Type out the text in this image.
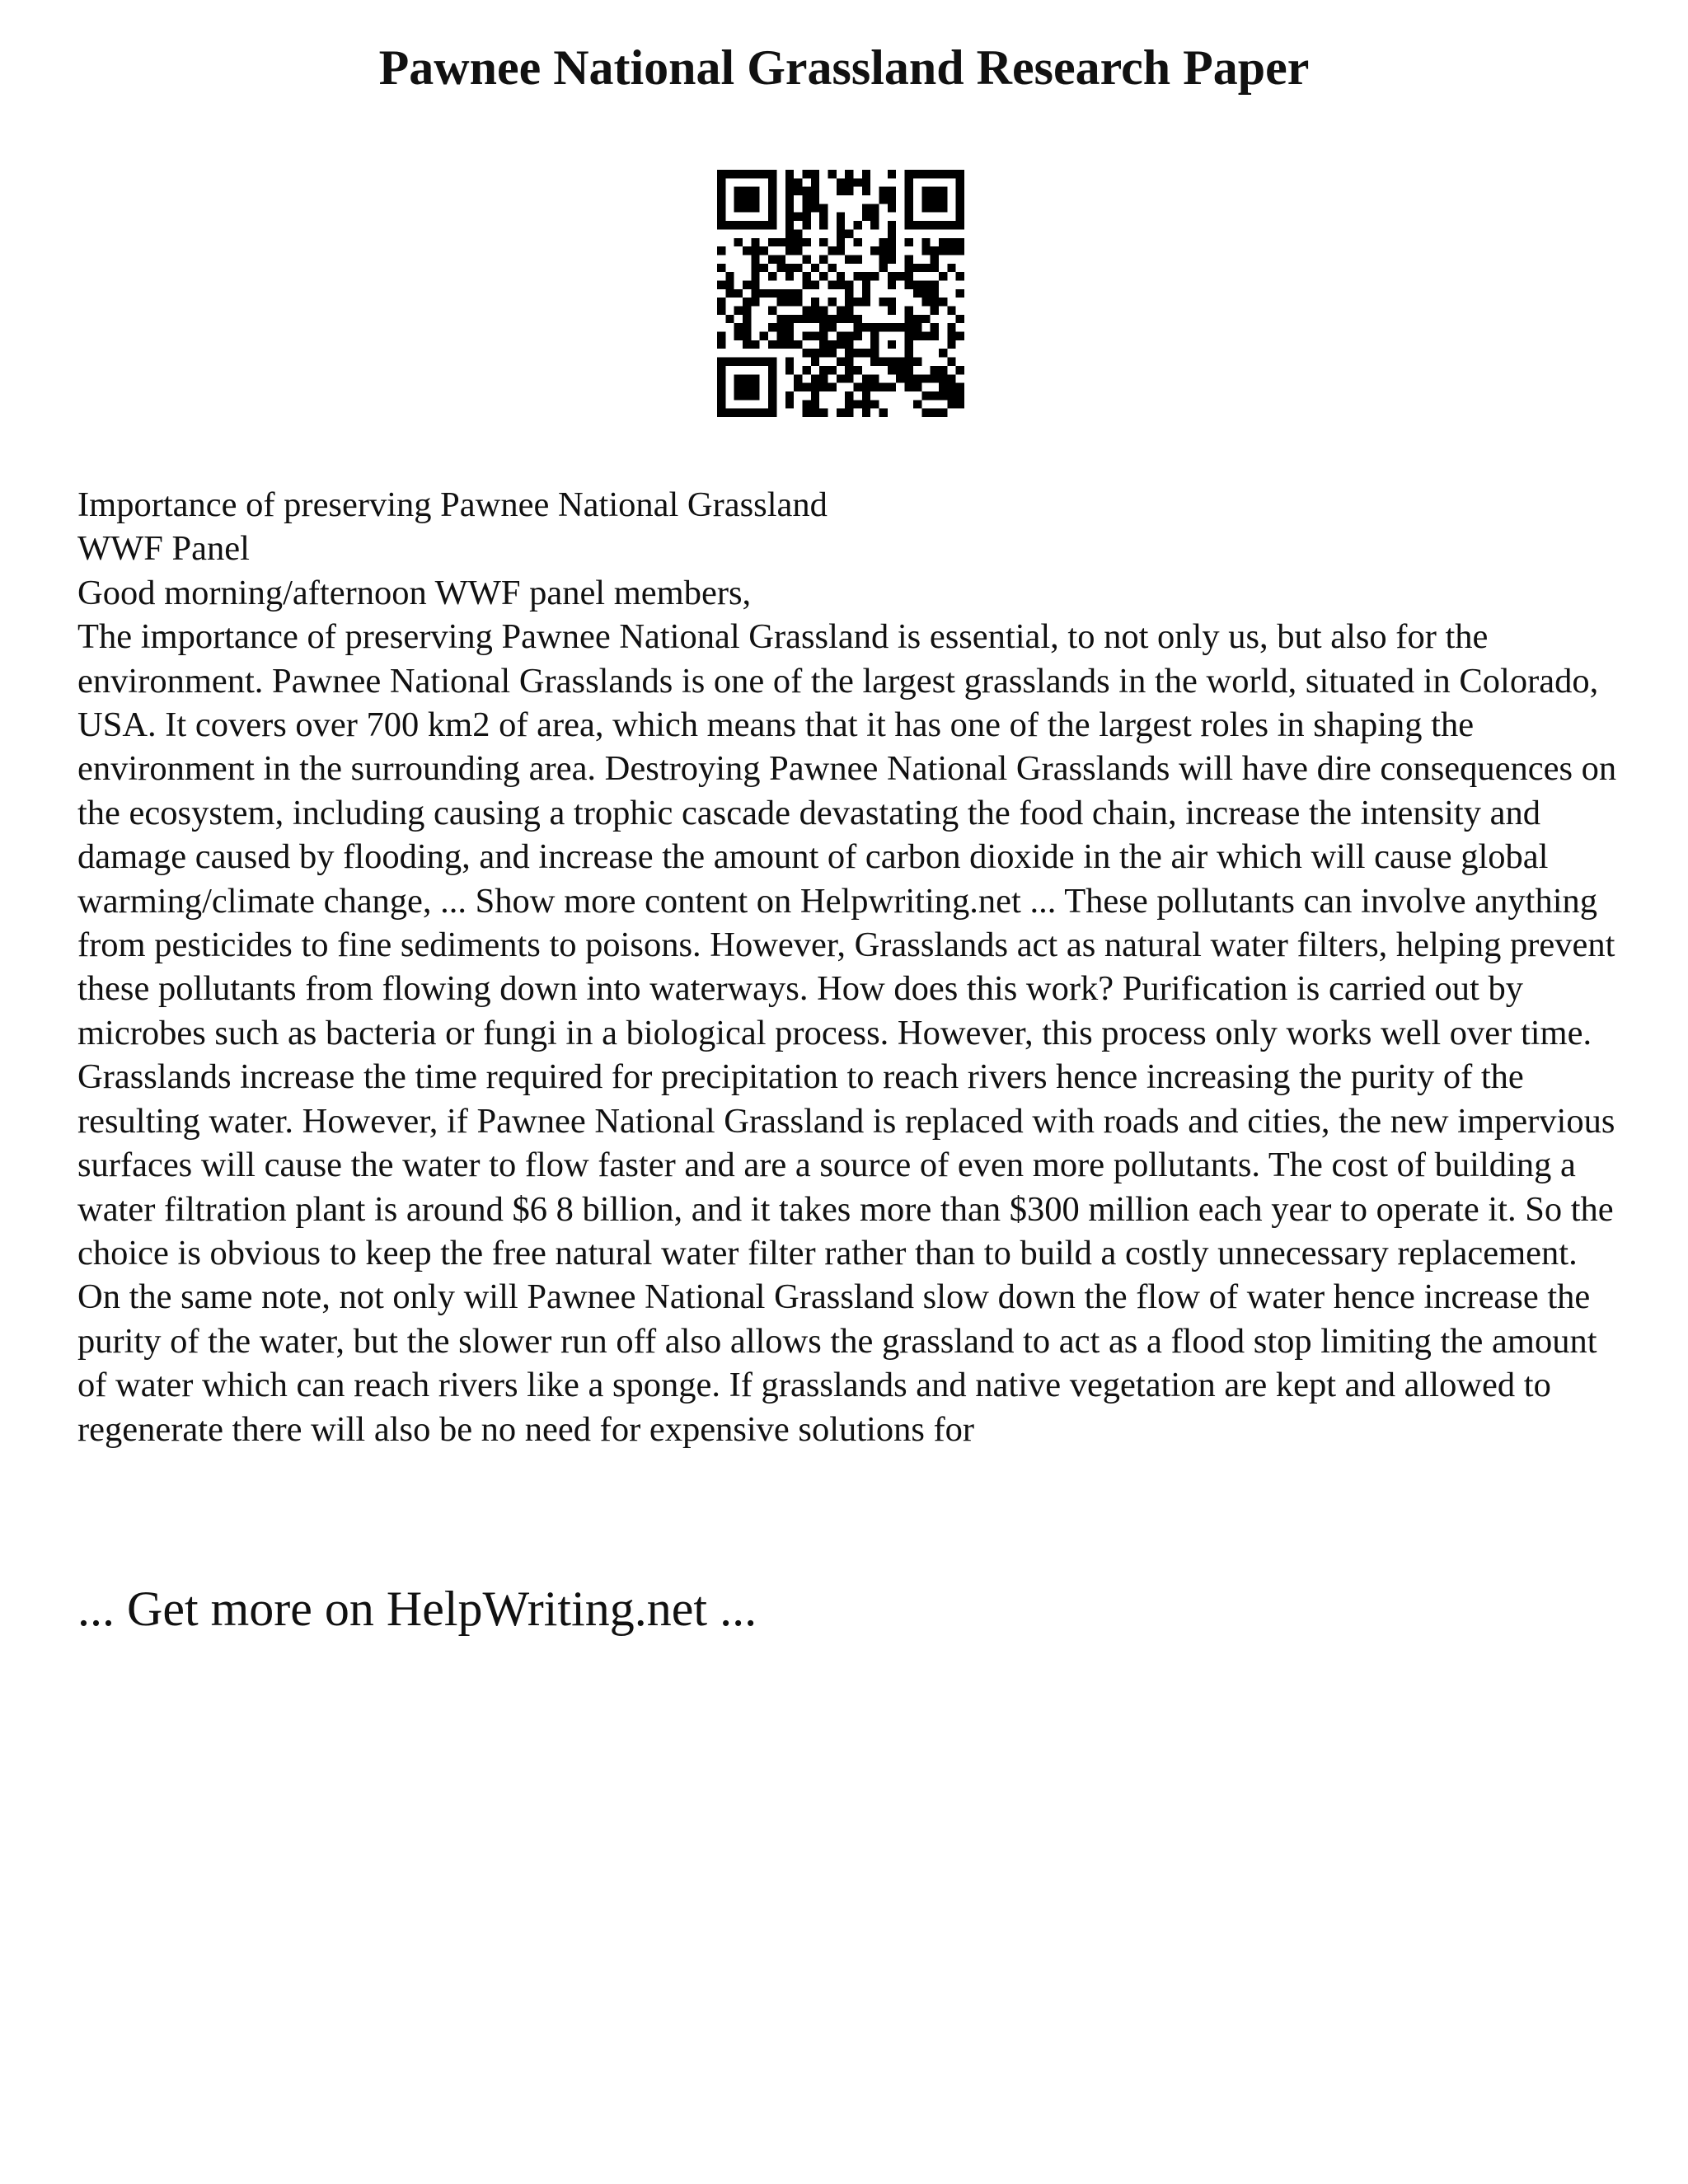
Pawnee National Grassland Research Paper

Importance of preserving Pawnee National Grassland

WWF Panel

Good morning/afternoon WWF panel members,

The importance of preserving Pawnee National Grassland is essential, to not only us, but also for the environment. Pawnee National Grasslands is one of the largest grasslands in the world, situated in Colorado, USA. It covers over 700 km2 of area, which means that it has one of the largest roles in shaping the environment in the surrounding area. Destroying Pawnee National Grasslands will have dire consequences on the ecosystem, including causing a trophic cascade devastating the food chain, increase the intensity and damage caused by flooding, and increase the amount of carbon dioxide in the air which will cause global warming/climate change, ... Show more content on Helpwriting.net ... These pollutants can involve anything from pesticides to fine sediments to poisons. However, Grasslands act as natural water filters, helping prevent these pollutants from flowing down into waterways. How does this work? Purification is carried out by microbes such as bacteria or fungi in a biological process. However, this process only works well over time. Grasslands increase the time required for precipitation to reach rivers hence increasing the purity of the resulting water. However, if Pawnee National Grassland is replaced with roads and cities, the new impervious surfaces will cause the water to flow faster and are a source of even more pollutants. The cost of building a water filtration plant is around $6 8 billion, and it takes more than $300 million each year to operate it. So the choice is obvious to keep the free natural water filter rather than to build a costly unnecessary replacement.

On the same note, not only will Pawnee National Grassland slow down the flow of water hence increase the purity of the water, but the slower run off also allows the grassland to act as a flood stop limiting the amount of water which can reach rivers like a sponge. If grasslands and native vegetation are kept and allowed to regenerate there will also be no need for expensive solutions for

... Get more on HelpWriting.net ...
